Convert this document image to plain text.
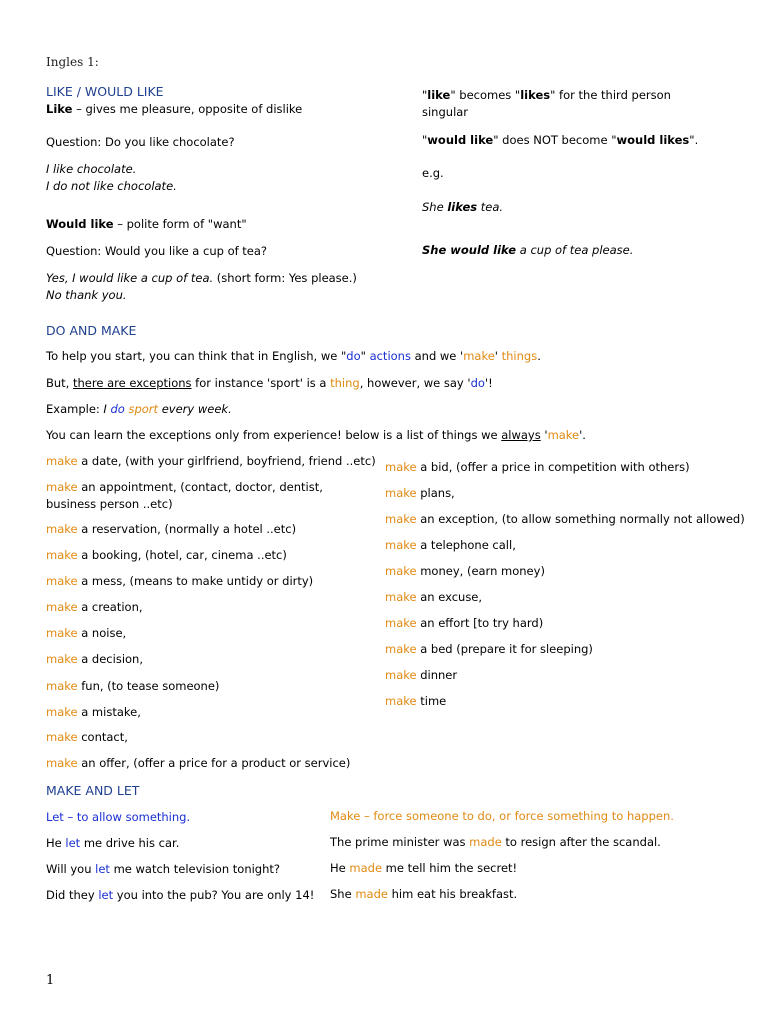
Ingles 1:
LIKE / WOULD LIKE
Like – gives me pleasure, opposite of dislike
Question: Do you like chocolate?
I like chocolate.
I do not like chocolate.
Would like – polite form of "want"
Question: Would you like a cup of tea?
Yes, I would like a cup of tea. (short form: Yes please.)
No thank you.
"like" becomes "likes" for the third person
singular
"would like" does NOT become "would likes".
e.g.
She likes tea.
She would like a cup of tea please.
DO AND MAKE
To help you start, you can think that in English, we "do" actions and we 'make' things.
But, there are exceptions for instance 'sport' is a thing, however, we say 'do'!
Example: I do sport every week.
You can learn the exceptions only from experience! below is a list of things we always 'make'.
make a date, (with your girlfriend, boyfriend, friend ..etc)
make an appointment, (contact, doctor, dentist, business person ..etc)
make a reservation, (normally a hotel ..etc)
make a booking, (hotel, car, cinema ..etc)
make a mess, (means to make untidy or dirty)
make a creation,
make a noise,
make a decision,
make fun, (to tease someone)
make a mistake,
make contact,
make an offer, (offer a price for a product or service)
make a bid, (offer a price in competition with others)
make plans,
make an exception, (to allow something normally not allowed)
make a telephone call,
make money, (earn money)
make an excuse,
make an effort [to try hard)
make a bed (prepare it for sleeping)
make dinner
make time
MAKE AND LET
Let – to allow something.
He let me drive his car.
Will you let me watch television tonight?
Did they let you into the pub? You are only 14!
Make – force someone to do, or force something to happen.
The prime minister was made to resign after the scandal.
He made me tell him the secret!
She made him eat his breakfast.
1
